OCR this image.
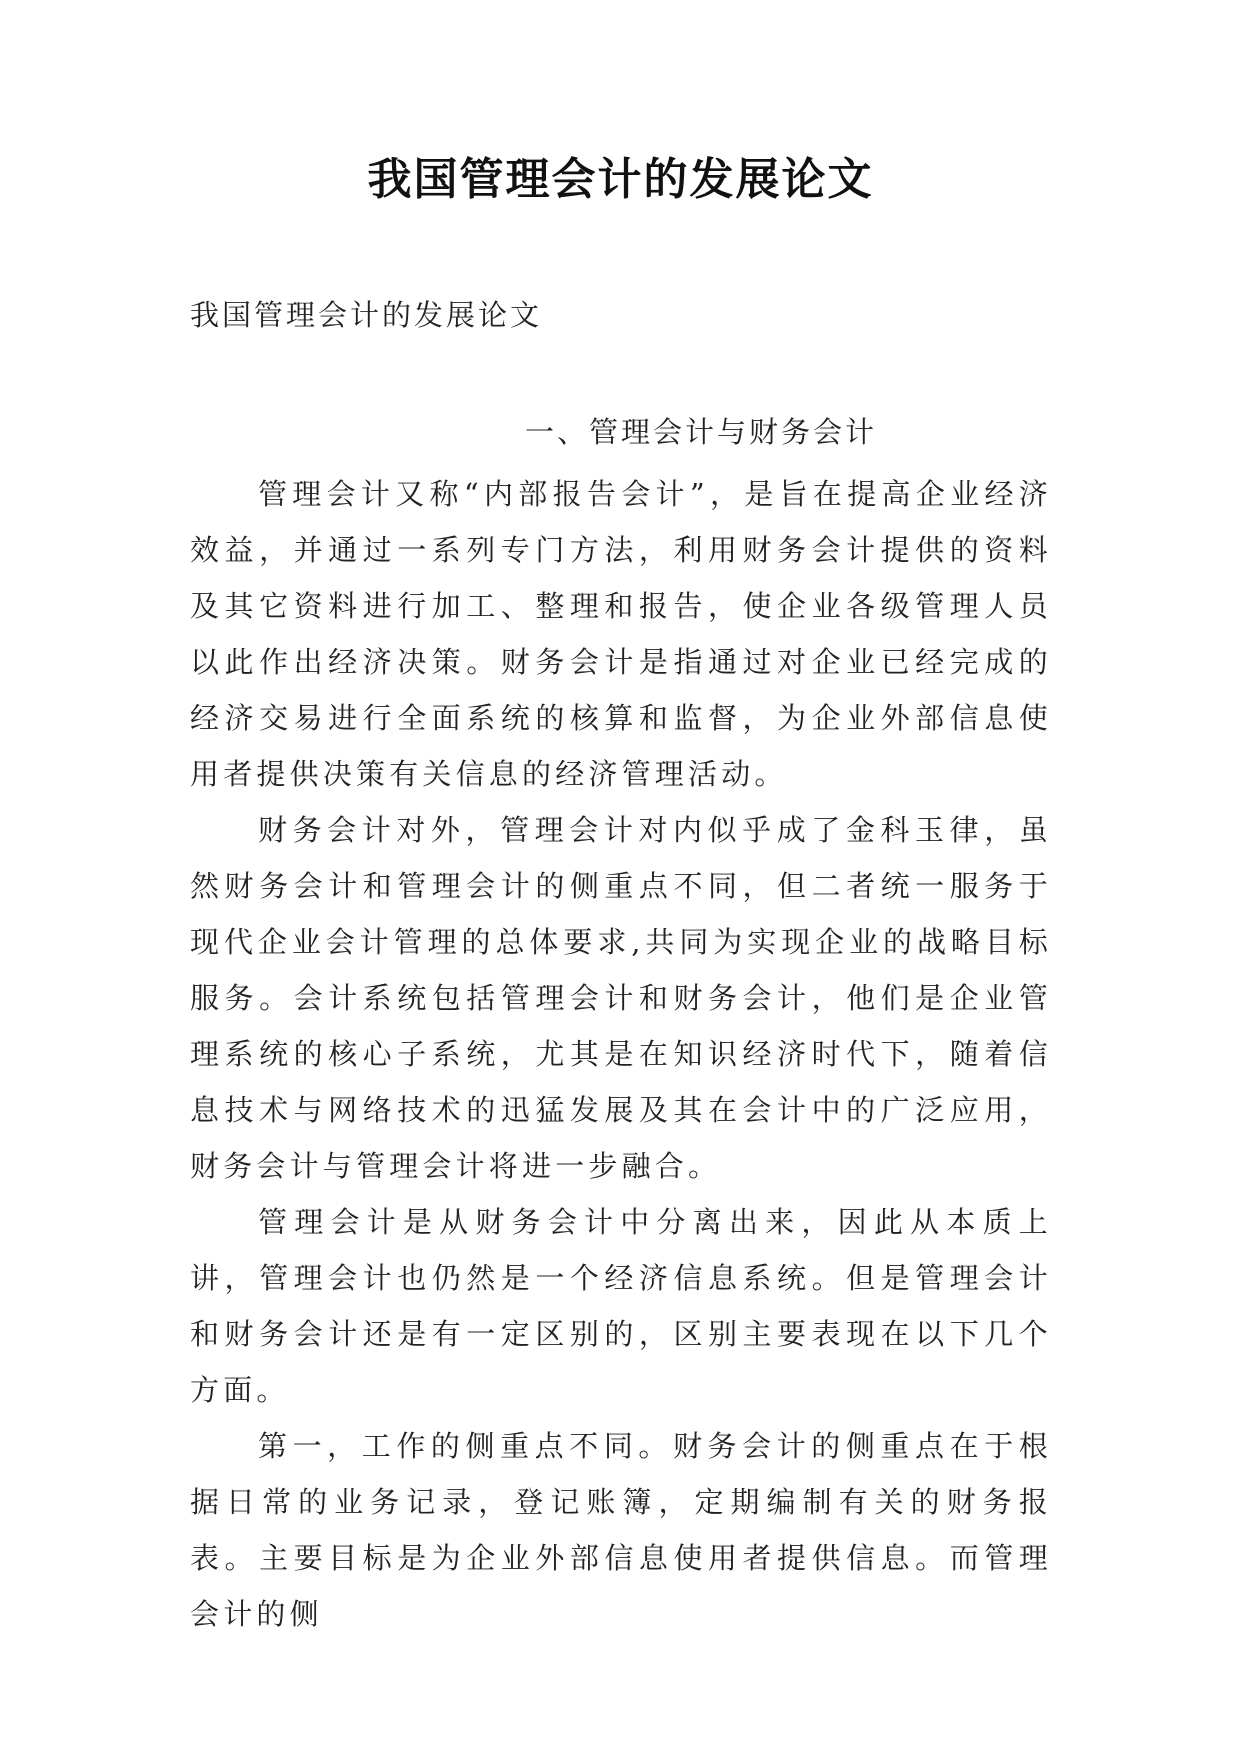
我国管理会计的发展论文
我国管理会计的发展论文
一、管理会计与财务会计

管理会计又称“内部报告会计”，是旨在提高企业经济效益，并通过一系列专门方法，利用财务会计提供的资料及其它资料进行加工、整理和报告，使企业各级管理人员以此作出经济决策。财务会计是指通过对企业已经完成的经济交易进行全面系统的核算和监督，为企业外部信息使用者提供决策有关信息的经济管理活动。

财务会计对外，管理会计对内似乎成了金科玉律，虽然财务会计和管理会计的侧重点不同，但二者统一服务于现代企业会计管理的总体要求,共同为实现企业的战略目标服务。会计系统包括管理会计和财务会计，他们是企业管理系统的核心子系统，尤其是在知识经济时代下，随着信息技术与网络技术的迅猛发展及其在会计中的广泛应用，财务会计与管理会计将进一步融合。

管理会计是从财务会计中分离出来，因此从本质上讲，管理会计也仍然是一个经济信息系统。但是管理会计和财务会计还是有一定区别的，区别主要表现在以下几个方面。

第一，工作的侧重点不同。财务会计的侧重点在于根据日常的业务记录，登记账簿，定期编制有关的财务报表。主要目标是为企业外部信息使用者提供信息。而管理会计的侧
